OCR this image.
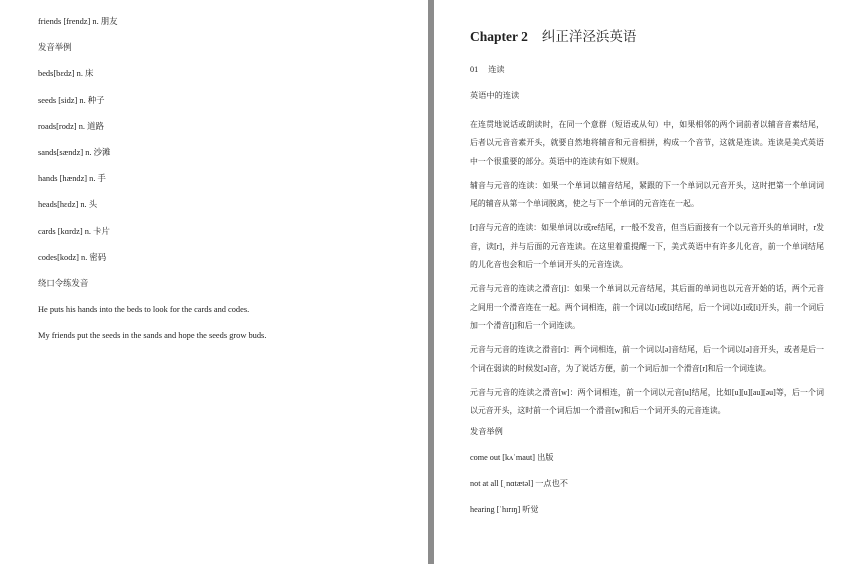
friends [frendz] n. 朋友
发音举例
beds[bɛdz] n. 床
seeds [sidz] n. 种子
roads[rodz] n. 道路
sands[sændz] n. 沙滩
hands [hændz] n. 手
heads[hɛdz] n. 头
cards [kɑrdz] n. 卡片
codes[kodz] n. 密码
绕口令练发音
He puts his hands into the beds to look for the cards and codes.
My friends put the seeds in the sands and hope the seeds grow buds.
Chapter 2 纠正洋泾浜英语
01 连读
英语中的连读

在连贯地说话或朗读时，在同一个意群（短语或从句）中，如果相邻的两个词前者以辅音音素结尾，后者以元音音素开头，就要自然地将辅音和元音相拼，构成一个音节，这就是连读。连读是美式英语中一个很重要的部分。英语中的连读有如下规则。

辅音与元音的连读：如果一个单词以辅音结尾，紧跟的下一个单词以元音开头，这时把第一个单词词尾的辅音从第一个单词脱离，使之与下一个单词的元音连在一起。

[r]音与元音的连读：如果单词以r或re结尾，r一般不发音，但当后面接有一个以元音开头的单词时，r发音，读[r]，并与后面的元音连读。在这里着重提醒一下，美式英语中有许多儿化音，前一个单词结尾的儿化音也会和后一个单词开头的元音连读。

元音与元音的连读之滑音[j]：如果一个单词以元音结尾，其后面的单词也以元音开始的话，两个元音之间用一个滑音连在一起。两个词相连，前一个词以[ɪ]或[i]结尾，后一个词以[ɪ]或[i]开头，前一个词后加一个滑音[j]和后一个词连读。

元音与元音的连读之滑音[r]：两个词相连，前一个词以[ə]音结尾，后一个词以[ə]音开头，或者是后一个词在弱读的时候发[ə]音，为了说话方便，前一个词后加一个滑音[r]和后一个词连读。

元音与元音的连读之滑音[w]：两个词相连，前一个词以元音[u]结尾，比如[u][u][au][əu]等，后一个词以元音开头，这时前一个词后加一个滑音[w]和后一个词开头的元音连读。

发音举例
come out [kʌˈmaut] 出版
not at all [ˌnɑtætəl] 一点也不
hearing [ˈhɪrɪŋ] 听觉
